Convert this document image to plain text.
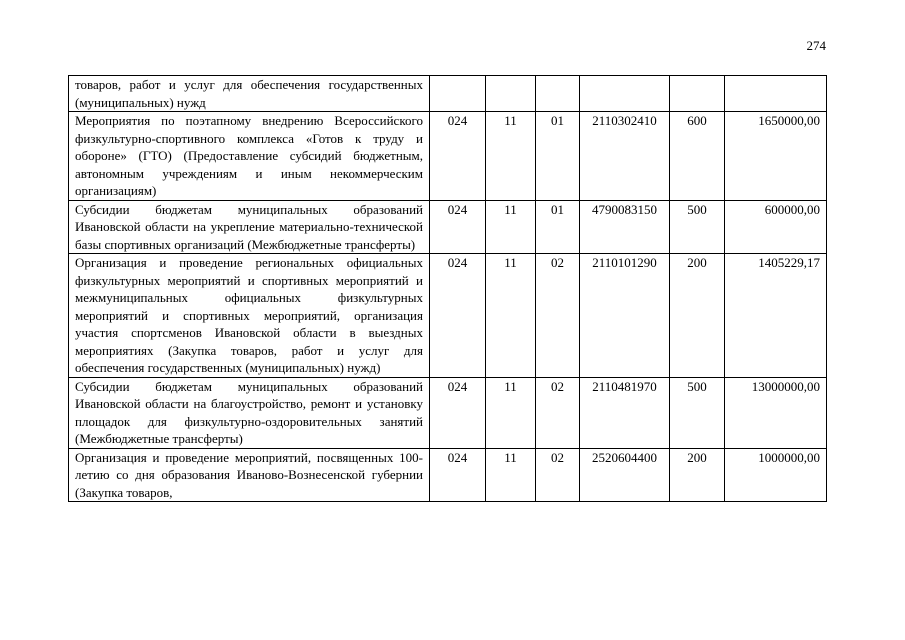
274
товаров, работ и услуг для обеспечения государственных (муниципальных) нужд						
Мероприятия по поэтапному внедрению Всероссийского физкультурно-спортивного комплекса «Готов к труду и обороне» (ГТО) (Предоставление субсидий бюджетным, автономным учреждениям и иным некоммерческим организациям)	024	11	01	2110302410	600	1650000,00
Субсидии бюджетам муниципальных образований Ивановской области на укрепление материально-технической базы спортивных организаций (Межбюджетные трансферты)	024	11	01	4790083150	500	600000,00
Организация и проведение региональных официальных физкультурных мероприятий и спортивных мероприятий и межмуниципальных официальных физкультурных мероприятий и спортивных мероприятий, организация участия спортсменов Ивановской области в выездных мероприятиях (Закупка товаров, работ и услуг для обеспечения государственных (муниципальных) нужд)	024	11	02	2110101290	200	1405229,17
Субсидии бюджетам муниципальных образований Ивановской области на благоустройство, ремонт и установку площадок для физкультурно-оздоровительных занятий (Межбюджетные трансферты)	024	11	02	2110481970	500	13000000,00
Организация и проведение мероприятий, посвященных 100-летию со дня образования Иваново-Вознесенской губернии (Закупка товаров,	024	11	02	2520604400	200	1000000,00
